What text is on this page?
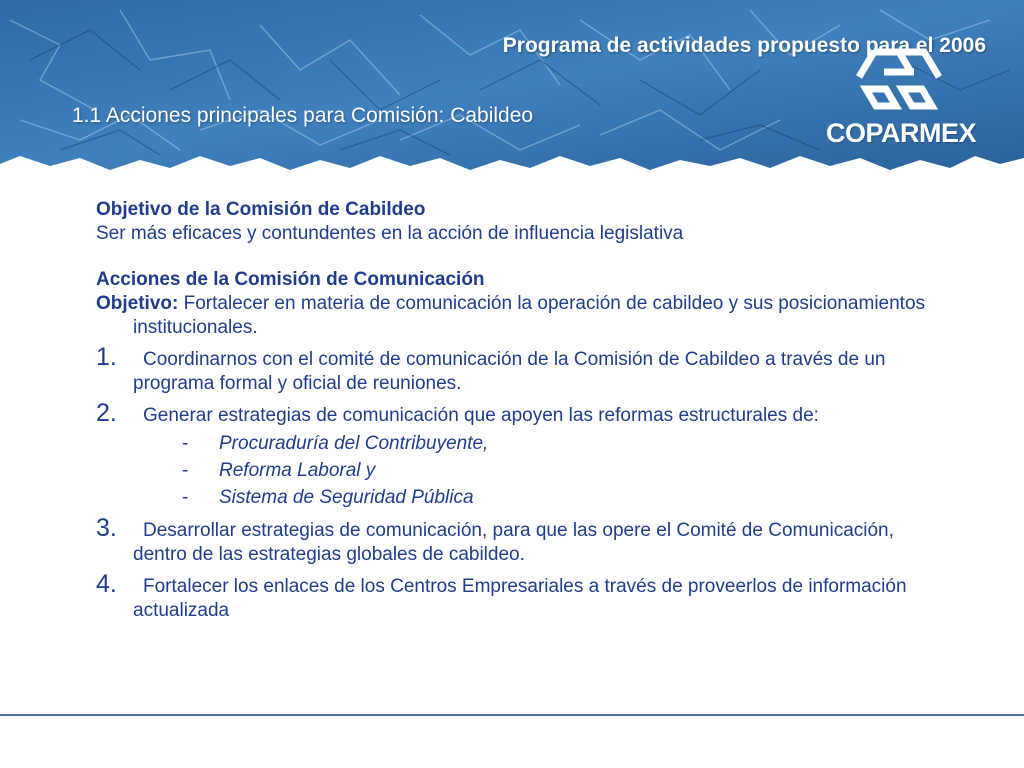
Programa de actividades propuesto para el 2006
1.1 Acciones principales para Comisión: Cabildeo
COPARMEX
Objetivo de la Comisión de Cabildeo
Ser más eficaces y contundentes en la acción de influencia legislativa
Acciones de la Comisión de Comunicación
Objetivo: Fortalecer en materia de comunicación la operación de cabildeo y sus posicionamientos institucionales.
1.	Coordinarnos con el comité de comunicación de la Comisión de Cabildeo a través de un programa formal y oficial de reuniones.
2.	Generar estrategias de comunicación que apoyen las reformas estructurales de:
- Procuraduría del Contribuyente,
- Reforma Laboral y
- Sistema de Seguridad Pública
3.	Desarrollar estrategias de comunicación, para que las opere el Comité de Comunicación, dentro de las estrategias globales de cabildeo.
4.	Fortalecer los enlaces de los Centros Empresariales a través de proveerlos de información actualizada
